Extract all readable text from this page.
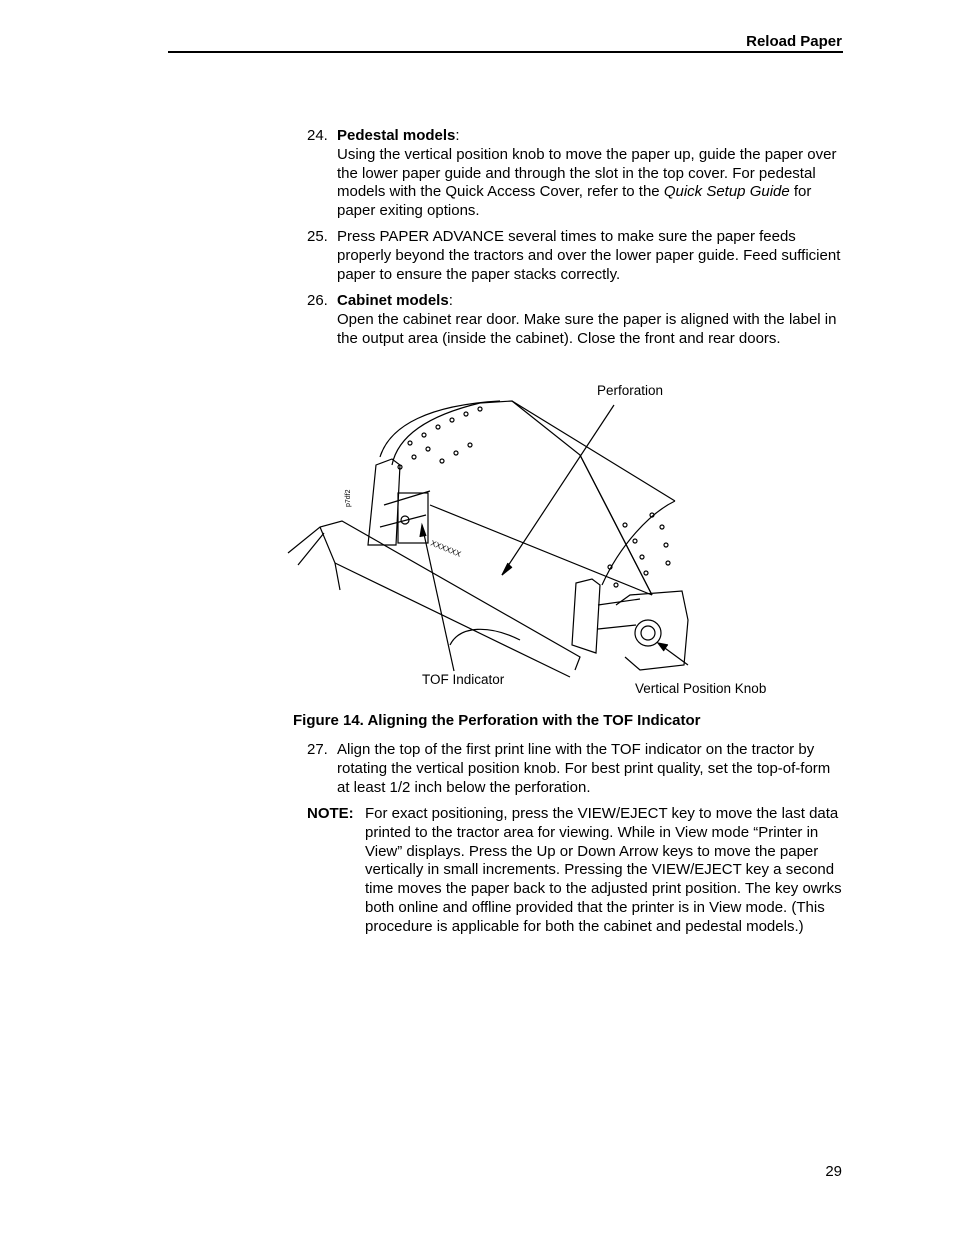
Reload Paper
24. Pedestal models:
Using the vertical position knob to move the paper up, guide the paper over the lower paper guide and through the slot in the top cover. For pedestal models with the Quick Access Cover, refer to the Quick Setup Guide for paper exiting options.
25. Press PAPER ADVANCE several times to make sure the paper feeds properly beyond the tractors and over the lower paper guide. Feed sufficient paper to ensure the paper stacks correctly.
26. Cabinet models:
Open the cabinet rear door. Make sure the paper is aligned with the label in the output area (inside the cabinet). Close the front and rear doors.
p7df2
XXXXXX
Perforation
TOF Indicator
Vertical Position Knob
Figure 14. Aligning the Perforation with the TOF Indicator
27. Align the top of the first print line with the TOF indicator on the tractor by rotating the vertical position knob. For best print quality, set the top-of-form at least 1/2 inch below the perforation.
NOTE: For exact positioning, press the VIEW/EJECT key to move the last data printed to the tractor area for viewing. While in View mode “Printer in View” displays. Press the Up or Down Arrow keys to move the paper vertically in small increments. Pressing the VIEW/EJECT key a second time moves the paper back to the adjusted print position. The key owrks both online and offline provided that the printer is in View mode. (This procedure is applicable for both the cabinet and pedestal models.)
29
